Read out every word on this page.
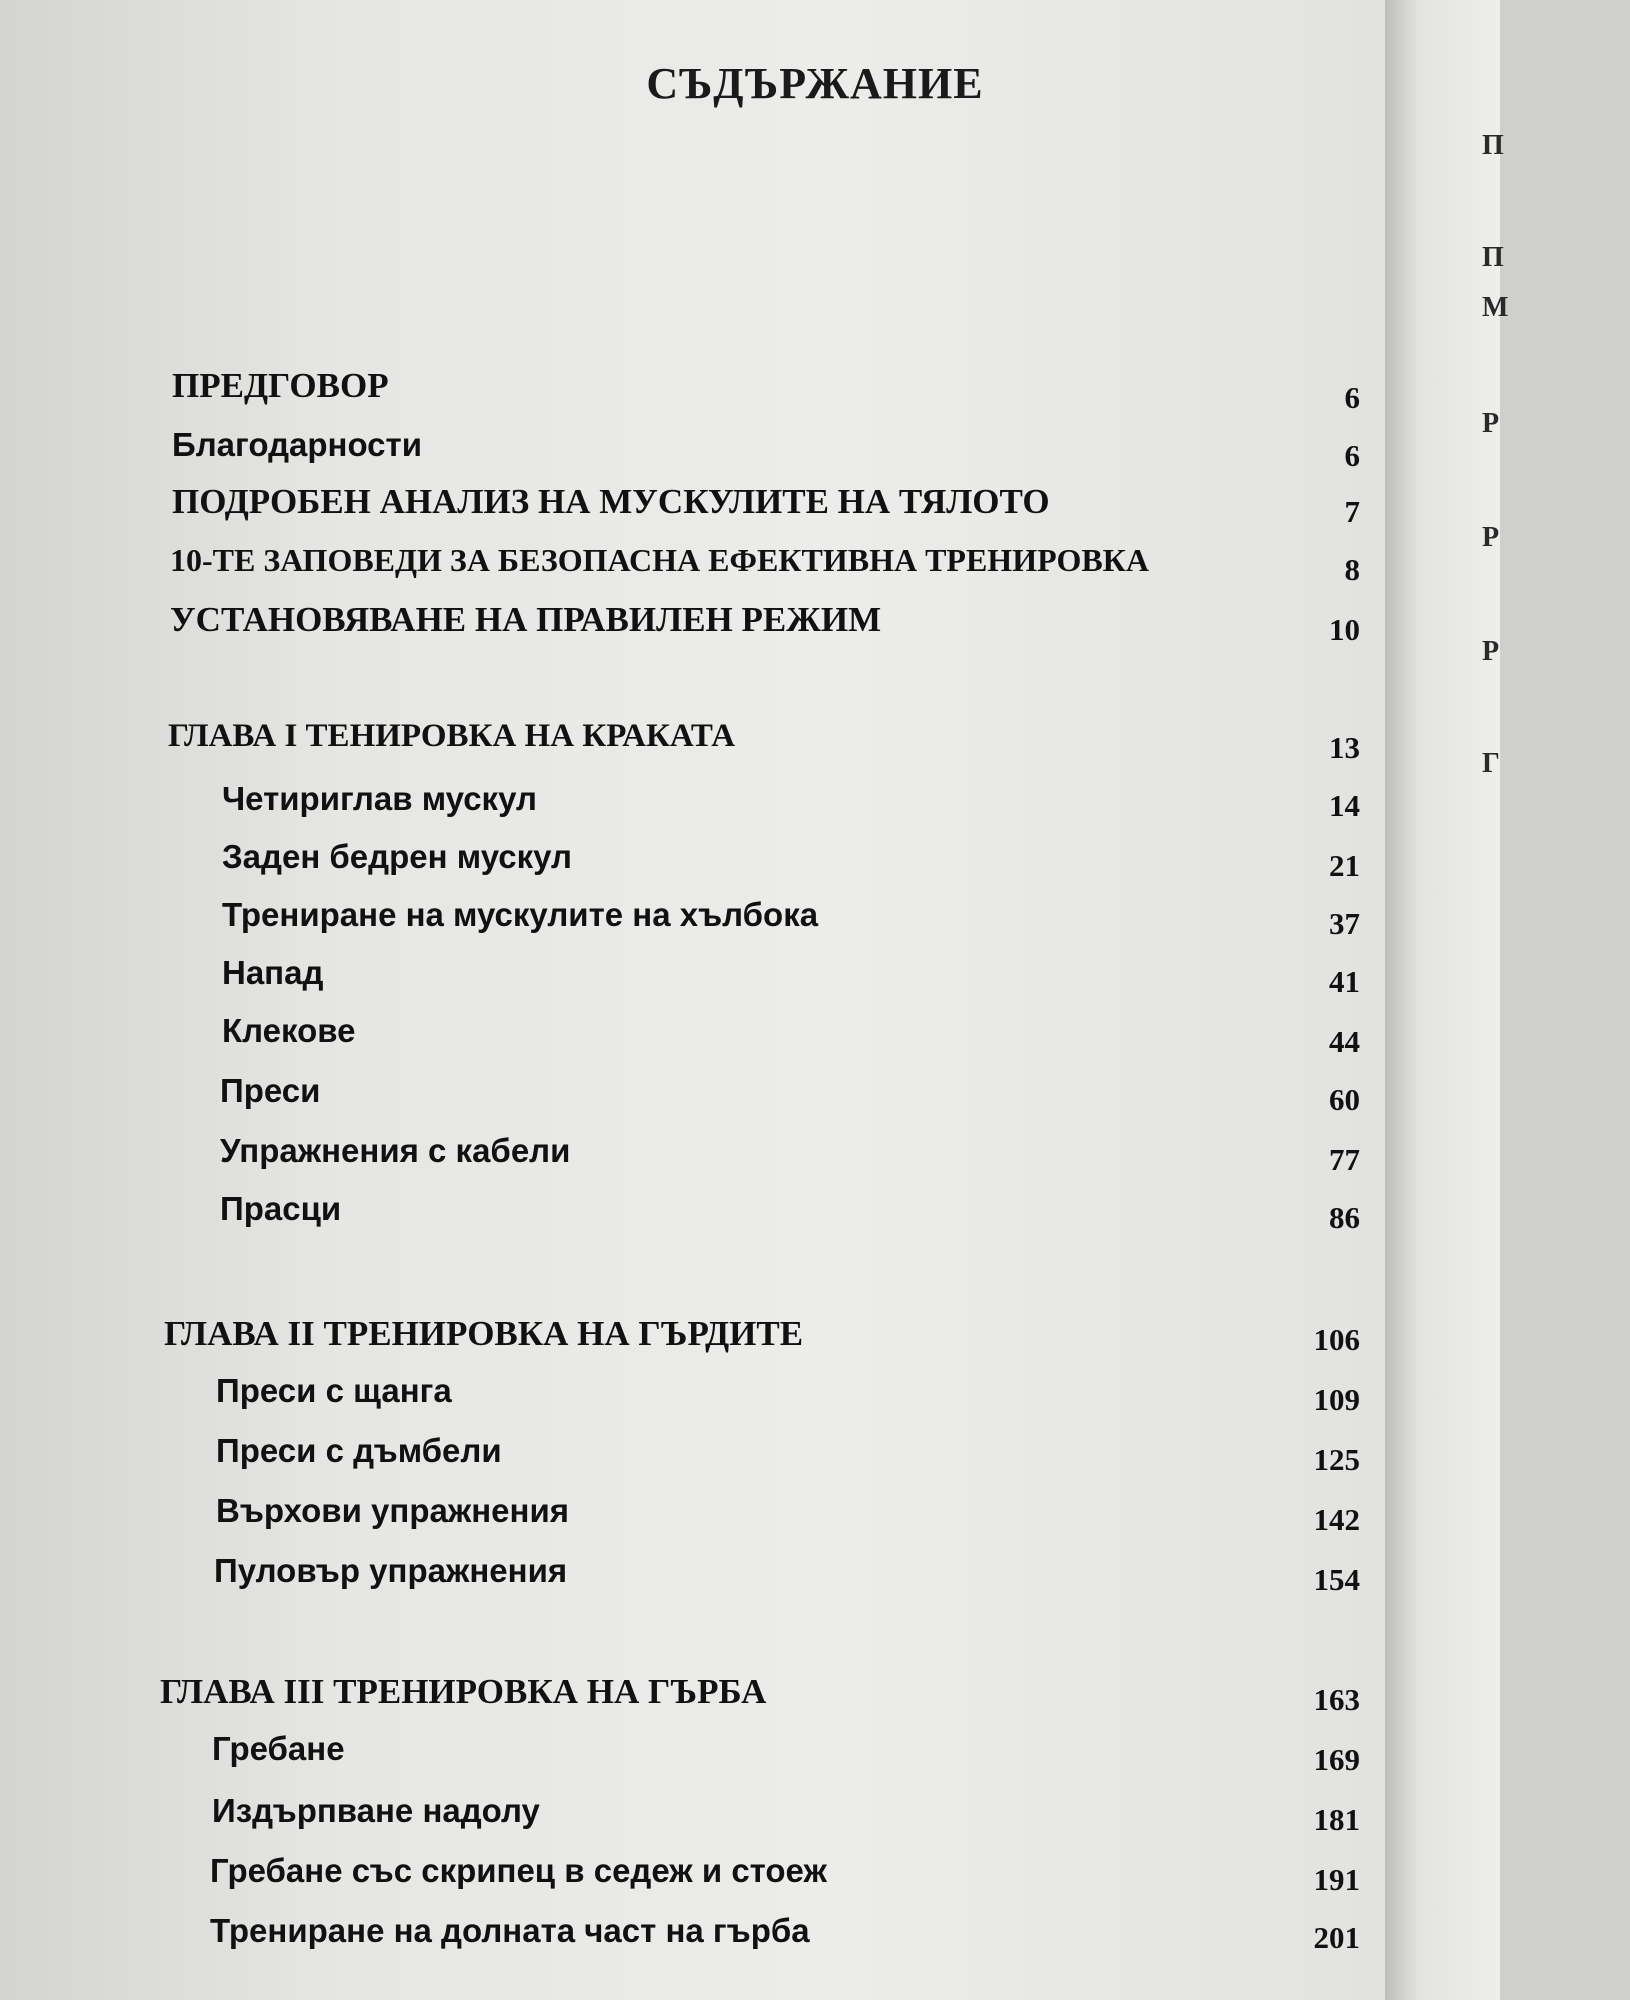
СЪДЪРЖАНИЕ
ПРЕДГОВОР	6
Благодарности	6
ПОДРОБЕН АНАЛИЗ НА МУСКУЛИТЕ НА ТЯЛОТО	7
10-ТЕ ЗАПОВЕДИ ЗА БЕЗОПАСНА ЕФЕКТИВНА ТРЕНИРОВКА	8
УСТАНОВЯВАНЕ НА ПРАВИЛЕН РЕЖИМ	10
ГЛАВА I ТЕНИРОВКА НА КРАКАТА	13
Четириглав мускул	14
Заден бедрен мускул	21
Трениране на мускулите на хълбока	37
Напад	41
Клекове	44
Преси	60
Упражнения с кабели	77
Прасци	86
ГЛАВА II ТРЕНИРОВКА НА ГЪРДИТЕ	106
Преси с щанга	109
Преси с дъмбели	125
Върхови упражнения	142
Пуловър упражнения	154
ГЛАВА III ТРЕНИРОВКА НА ГЪРБА	163
Гребане	169
Издърпване надолу	181
Гребане със скрипец в седеж и стоеж	191
Трениране на долната част на гърба	201
П
П
М
Р
Р
Р
Г
